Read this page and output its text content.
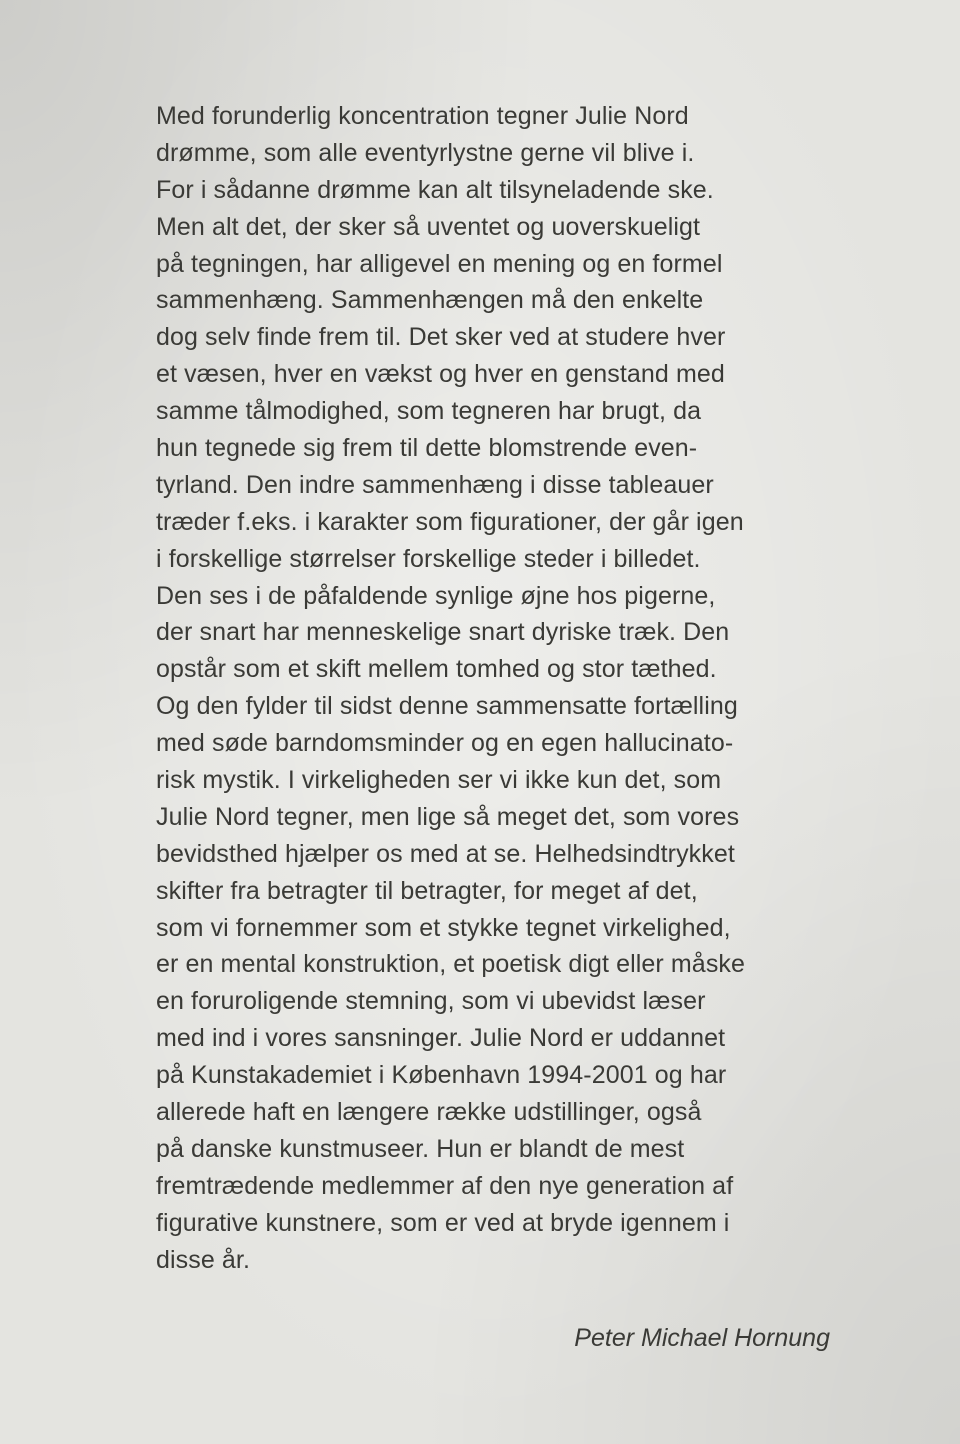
Med forunderlig koncentration tegner Julie Nord
drømme, som alle eventyrlystne gerne vil blive i.
For i sådanne drømme kan alt tilsyneladende ske.
Men alt det, der sker så uventet og uoverskueligt
på tegningen, har alligevel en mening og en formel
sammenhæng. Sammenhængen må den enkelte
dog selv finde frem til. Det sker ved at studere hver
et væsen, hver en vækst og hver en genstand med
samme tålmodighed, som tegneren har brugt, da
hun tegnede sig frem til dette blomstrende even-
tyrland. Den indre sammenhæng i disse tableauer
træder f.eks. i karakter som figurationer, der går igen
i forskellige størrelser forskellige steder i billedet.
Den ses i de påfaldende synlige øjne hos pigerne,
der snart har menneskelige snart dyriske træk. Den
opstår som et skift mellem tomhed og stor tæthed.
Og den fylder til sidst denne sammensatte fortælling
med søde barndomsminder og en egen hallucinato-
risk mystik. I virkeligheden ser vi ikke kun det, som
Julie Nord tegner, men lige så meget det, som vores
bevidsthed hjælper os med at se. Helhedsindtrykket
skifter fra betragter til betragter, for meget af det,
som vi fornemmer som et stykke tegnet virkelighed,
er en mental konstruktion, et poetisk digt eller måske
en foruroligende stemning, som vi ubevidst læser
med ind i vores sansninger. Julie Nord er uddannet
på Kunstakademiet i København 1994-2001 og har
allerede haft en længere række udstillinger, også
på danske kunstmuseer. Hun er blandt de mest
fremtrædende medlemmer af den nye generation af
figurative kunstnere, som er ved at bryde igennem i
disse år.

Peter Michael Hornung
